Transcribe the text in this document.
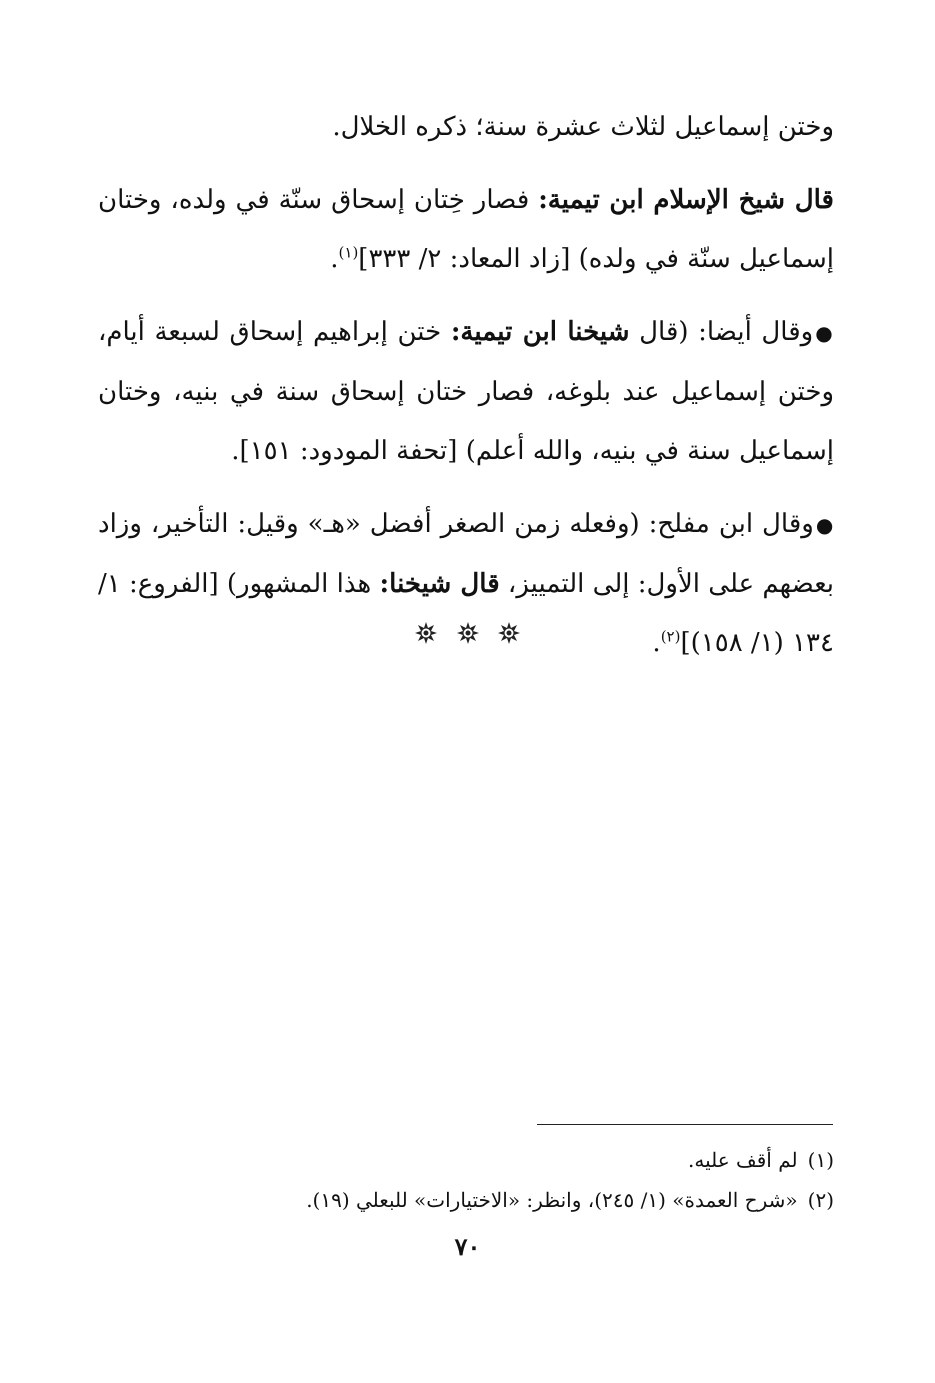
وختن إسماعيل لثلاث عشرة سنة؛ ذكره الخلال.

قال شيخ الإسلام ابن تيمية: فصار خِتان إسحاق سنّة في ولده، وختان إسماعيل سنّة في ولده) [زاد المعاد: ٢/ ٣٣٣]$^{(١)}$.

●وقال أيضا: (قال شيخنا ابن تيمية: ختن إبراهيم إسحاق لسبعة أيام، وختن إسماعيل عند بلوغه، فصار ختان إسحاق سنة في بنيه، وختان إسماعيل سنة في بنيه، والله أعلم) [تحفة المودود: ١٥١].

●وقال ابن مفلح: (وفعله زمن الصغر أفضل «هـ» وقيل: التأخير، وزاد بعضهم على الأول: إلى التمييز، قال شيخنا: هذا المشهور) [الفروع: ١/ ١٣٤ (١/ ١٥٨)]$^{(٢)}$.

(١)لم أقف عليه.
(٢)«شرح العمدة» (١/ ٢٤٥)، وانظر: «الاختيارات» للبعلي (١٩).
٧٠
